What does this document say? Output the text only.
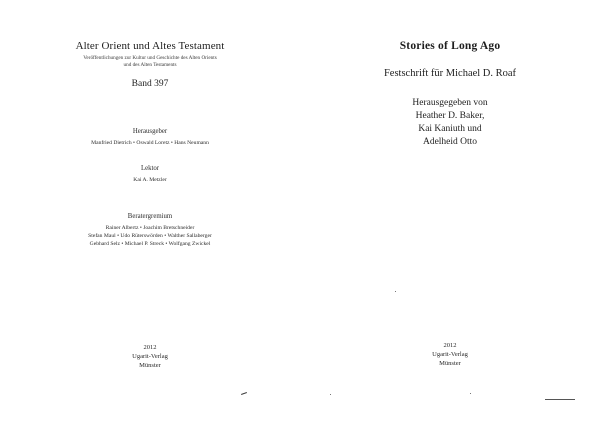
Alter Orient und Altes Testament
Veröffentlichungen zur Kultur und Geschichte des Alten Orients
und des Alten Testaments
Band 397
Herausgeber
Manfried Dietrich • Oswald Loretz • Hans Neumann
Lektor
Kai A. Metzler
Beratergremium
Rainer Albertz • Joachim Bretschneider
Stefan Maul • Udo Rüterswörden • Walther Sallaberger
Gebhard Selz • Michael P. Streck • Wolfgang Zwickel
2012
Ugarit-Verlag
Münster
Stories of Long Ago
Festschrift für Michael D. Roaf
Herausgegeben von
Heather D. Baker,
Kai Kaniuth und
Adelheid Otto
2012
Ugarit-Verlag
Münster
